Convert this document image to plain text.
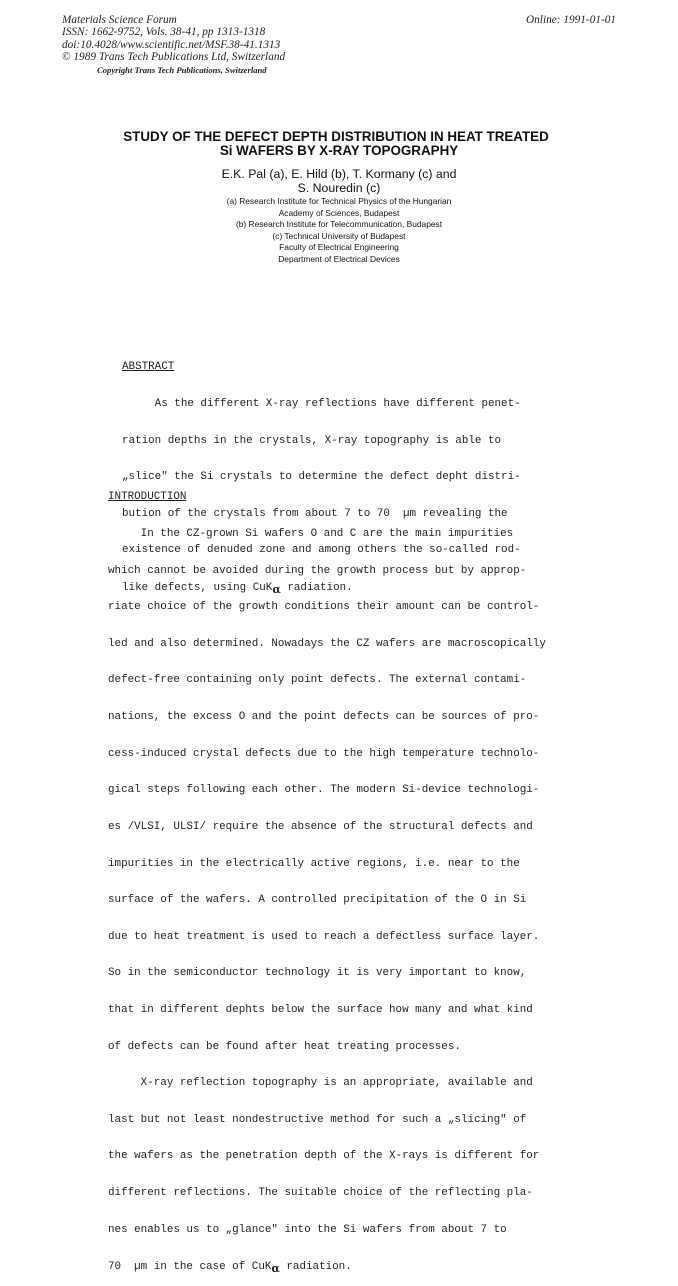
Materials Science Forum
ISSN: 1662-9752, Vols. 38-41, pp 1313-1318
doi:10.4028/www.scientific.net/MSF.38-41.1313
© 1989 Trans Tech Publications Ltd, Switzerland
Online: 1991-01-01
Copyright Trans Tech Publications, Switzerland
STUDY OF THE DEFECT DEPTH DISTRIBUTION IN HEAT TREATED
Si WAFERS BY X-RAY TOPOGRAPHY
E.K. Pal (a), E. Hild (b), T. Kormany (c) and
S. Nouredin (c)
(a) Research Institute for Technical Physics of the Hungarian
Academy of Sciences, Budapest
(b) Research Institute for Telecommunication, Budapest
(c) Technical University of Budapest
Faculty of Electrical Engineering
Department of Electrical Devices

ABSTRACT

As the different X-ray reflections have different penet-

ration depths in the crystals, X-ray topography is able to

„slice" the Si crystals to determine the defect depht distri-

bution of the crystals from about 7 to 70  µm revealing the

existence of denuded zone and among others the so-called rod-

like defects, using CuKα radiation.

INTRODUCTION

In the CZ-grown Si wafers O and C are the main impurities

which cannot be avoided during the growth process but by approp-

riate choice of the growth conditions their amount can be control-

led and also determined. Nowadays the CZ wafers are macroscopically

defect-free containing only point defects. The external contami-

nations, the excess O and the point defects can be sources of pro-

cess-induced crystal defects due to the high temperature technolo-

gical steps following each other. The modern Si-device technologi-

es /VLSI, ULSI/ require the absence of the structural defects and

impurities in the electrically active regions, i.e. near to the

surface of the wafers. A controlled precipitation of the O in Si

due to heat treatment is used to reach a defectless surface layer.

So in the semiconductor technology it is very important to know,

that in different dephts below the surface how many and what kind

of defects can be found after heat treating processes.

X-ray reflection topography is an appropriate, available and

last but not least nondestructive method for such a „slicing" of

the wafers as the penetration depth of the X-rays is different for

different reflections. The suitable choice of the reflecting pla-

nes enables us to „glance" into the Si wafers from about 7 to

70  µm in the case of CuKα radiation.
